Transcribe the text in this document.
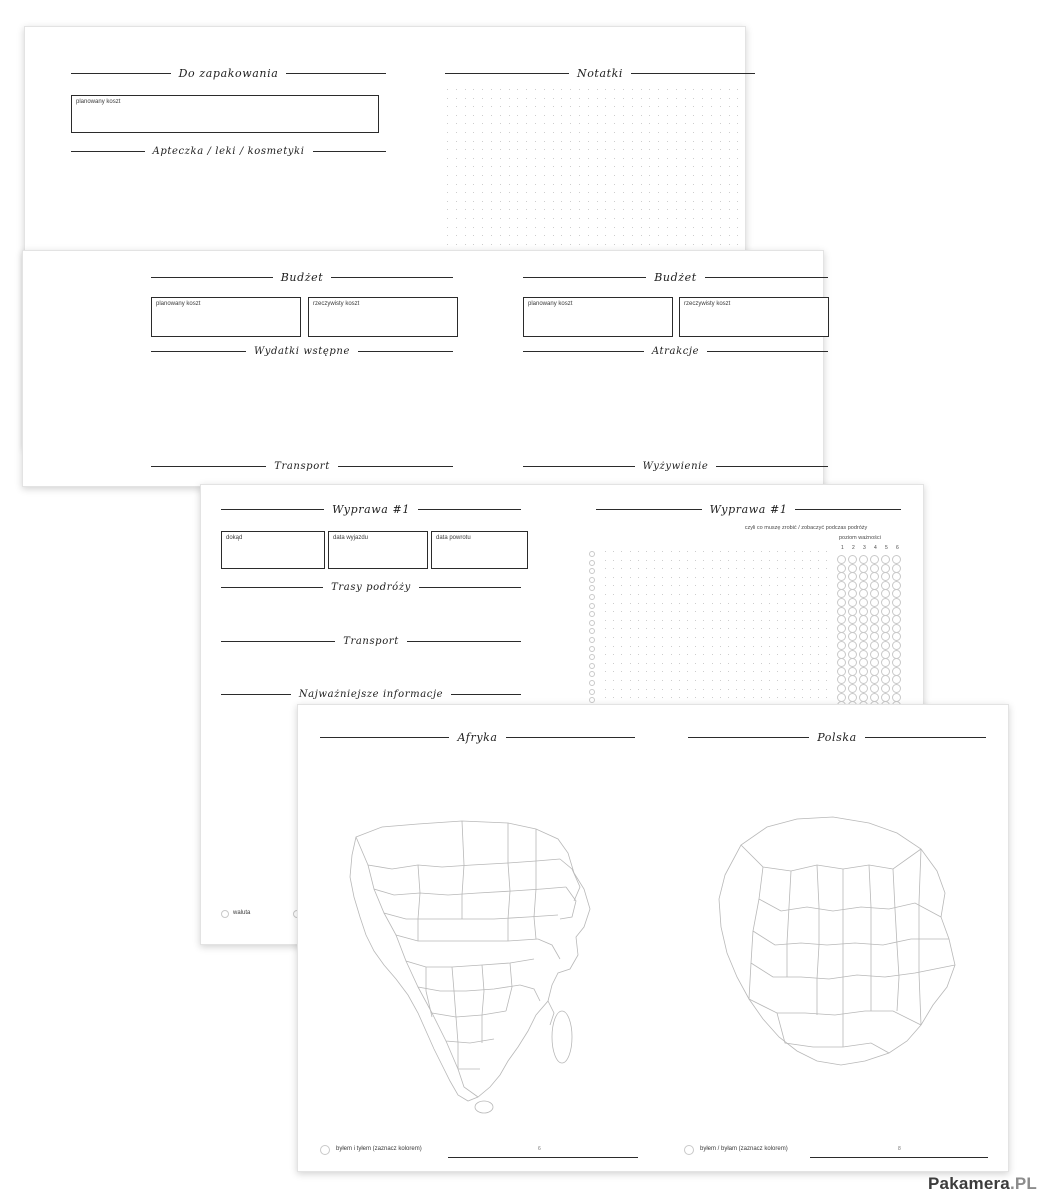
Do zapakowania	Notatki
planowany koszt
Apteczka / leki / kosmetyki
Budżet	Budżet
planowany koszt	rzeczywisty koszt	planowany koszt	rzeczywisty koszt
Wydatki wstępne	Atrakcje
Transport	Wyżywienie
Wyprawa #1	Wyprawa #1
czyli co muszę zrobić / zobaczyć podczas podróży
dokąd	data wyjazdu	data powrotu
Trasy podróży
Transport
Najważniejsze informacje
poziom ważności
1 2 3 4 5 6
waluta
Afryka	Polska
byłem i tyłem (zaznacz kolorem)	6	byłem / byłam (zaznacz kolorem)	8
Pakamera.PL
